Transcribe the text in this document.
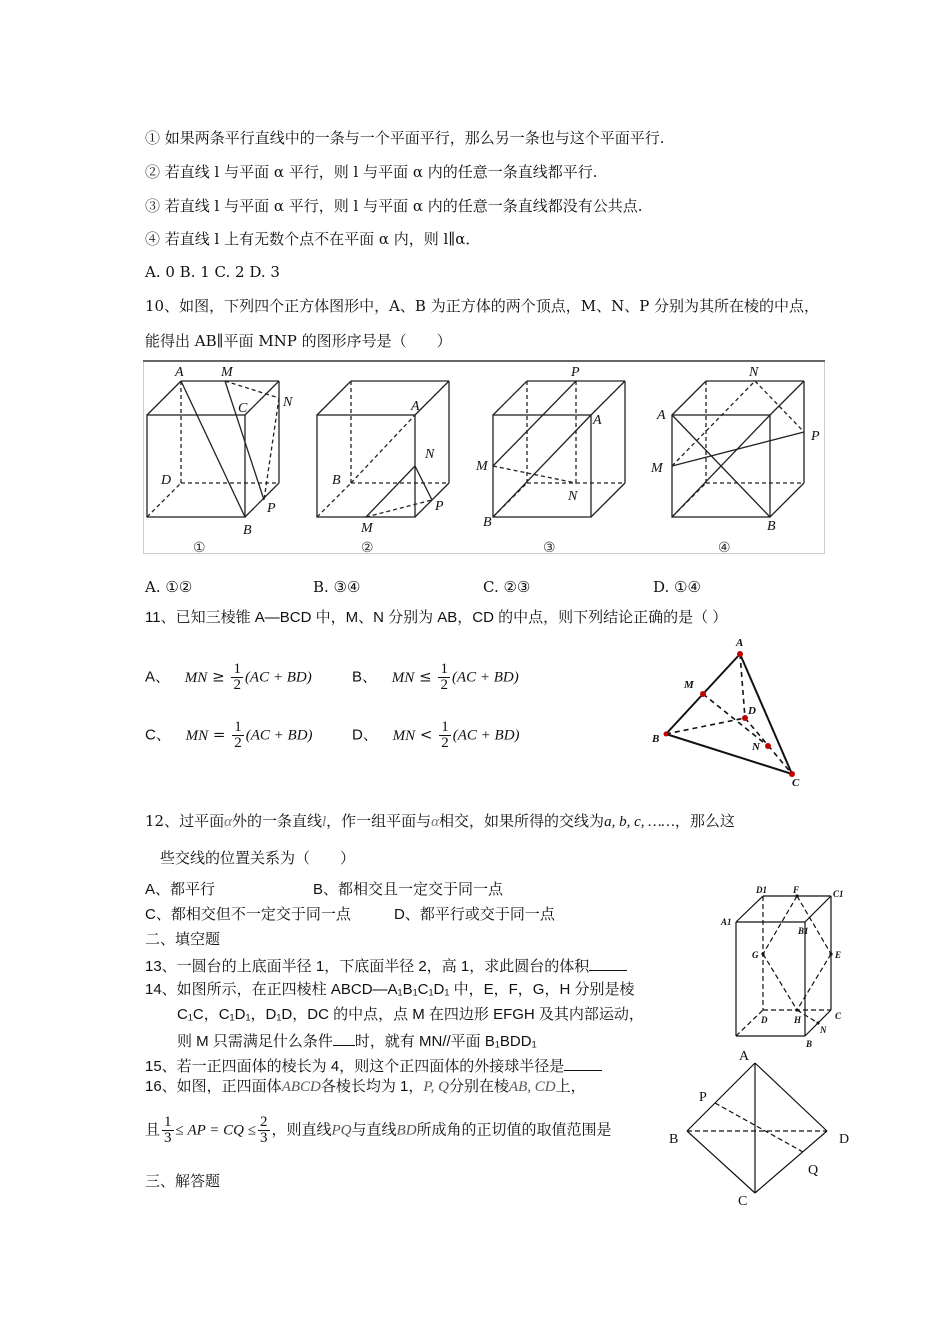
① 如果两条平行直线中的一条与一个平面平行，那么另一条也与这个平面平行.
② 若直线 l 与平面 α 平行，则 l 与平面 α 内的任意一条直线都平行.
③ 若直线 l 与平面 α 平行，则 l 与平面 α 内的任意一条直线都没有公共点.
④ 若直线 l 上有无数个点不在平面 α 内，则 l∥α．
A. 0 B. 1 C. 2 D. 3
10、如图，下列四个正方体图形中，A、B 为正方体的两个顶点，M、N、P 分别为其所在棱的中点，
能得出 AB∥平面 MNP 的图形序号是（　　）
A	M
C	N
D
P
B
A
N
B
P
M
A
P
M
N
B
A
N
P
M
B
①	②	③	④
A. ①②	B. ③④	C. ②③	D. ①④
11、已知三棱锥 A—BCD 中，M、N 分别为 AB，CD 的中点，则下列结论正确的是（ ）
A、 MN ≥ $\frac{1}{2} (AC + BD)$	B、 MN ≤ $\frac{1}{2} (AC + BD)$
C、 MN = $\frac{1}{2} (AC + BD)$	D、 MN < $\frac{1}{2} (AC + BD)$
A
M
D
N
B
C
12、过平面α外的一条直线l，作一组平面与α相交，如果所得的交线为a, b, c, ……，那么这
些交线的位置关系为（　　）
A、都平行	B、都相交且一定交于同一点
C、都相交但不一定交于同一点	D、都平行或交于同一点
二、填空题
13、一圆台的上底面半径 1，下底面半径 2，高 1，求此圆台的体积
14、如图所示，在正四棱柱 ABCD—A₁B₁C₁D₁ 中，E，F，G，H 分别是棱
C₁C，C₁D₁，D₁D，DC 的中点，点 M 在四边形 EFGH 及其内部运动，
则 M 只需满足什么条件 时，就有 MN//平面 B₁BDD₁
15、若一正四面体的棱长为 4，则这个正四面体的外接球半径是
16、如图，正四面体ABCD各棱长均为 1，P, Q分别在棱AB, CD上，
且 $\frac{1}{3}$ ≤ AP = CQ ≤ $\frac{2}{3}$ ，则直线PQ与直线BD所成角的正切值的取值范围是
三、解答题
D1	F	C1
A1
B1
G	E
D	H	C
N
B
A
P
B	D
Q
C
